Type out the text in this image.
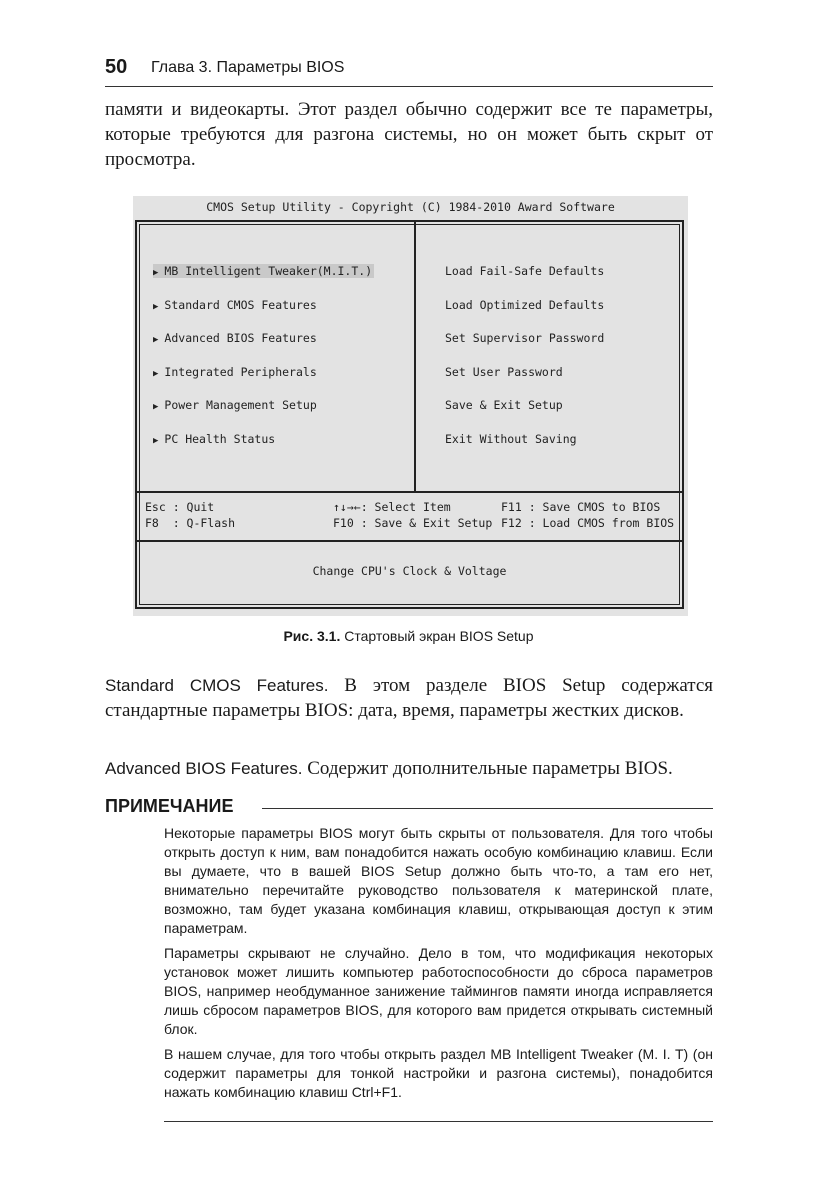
50 Глава 3. Параметры BIOS

памяти и видеокарты. Этот раздел обычно содержит все те параметры, которые требуются для разгона системы, но он может быть скрыт от просмотра.

CMOS Setup Utility - Copyright (C) 1984-2010 Award Software
▶ MB Intelligent Tweaker(M.I.T.)
▶ Standard CMOS Features
▶ Advanced BIOS Features
▶ Integrated Peripherals
▶ Power Management Setup
▶ PC Health Status
Load Fail-Safe Defaults
Load Optimized Defaults
Set Supervisor Password
Set User Password
Save & Exit Setup
Exit Without Saving
Esc : Quit
F8  : Q-Flash
↑↓→←: Select Item
F10 : Save & Exit Setup
F11 : Save CMOS to BIOS
F12 : Load CMOS from BIOS
Change CPU's Clock & Voltage
Рис. 3.1. Стартовый экран BIOS Setup

Standard CMOS Features. В этом разделе BIOS Setup содержатся стандартные параметры BIOS: дата, время, параметры жестких дисков.

Advanced BIOS Features. Содержит дополнительные параметры BIOS.

ПРИМЕЧАНИЕ

Некоторые параметры BIOS могут быть скрыты от пользователя. Для того чтобы открыть доступ к ним, вам понадобится нажать особую комбинацию клавиш. Если вы думаете, что в вашей BIOS Setup должно быть что-то, а там его нет, внимательно перечитайте руководство пользователя к материнской плате, возможно, там будет указана комбинация клавиш, открывающая доступ к этим параметрам.

Параметры скрывают не случайно. Дело в том, что модификация некоторых установок может лишить компьютер работоспособности до сброса параметров BIOS, например необдуманное занижение таймингов памяти иногда исправляется лишь сбросом параметров BIOS, для которого вам придется открывать системный блок.

В нашем случае, для того чтобы открыть раздел MB Intelligent Tweaker (M. I. T) (он содержит параметры для тонкой настройки и разгона системы), понадобится нажать комбинацию клавиш Ctrl+F1.
